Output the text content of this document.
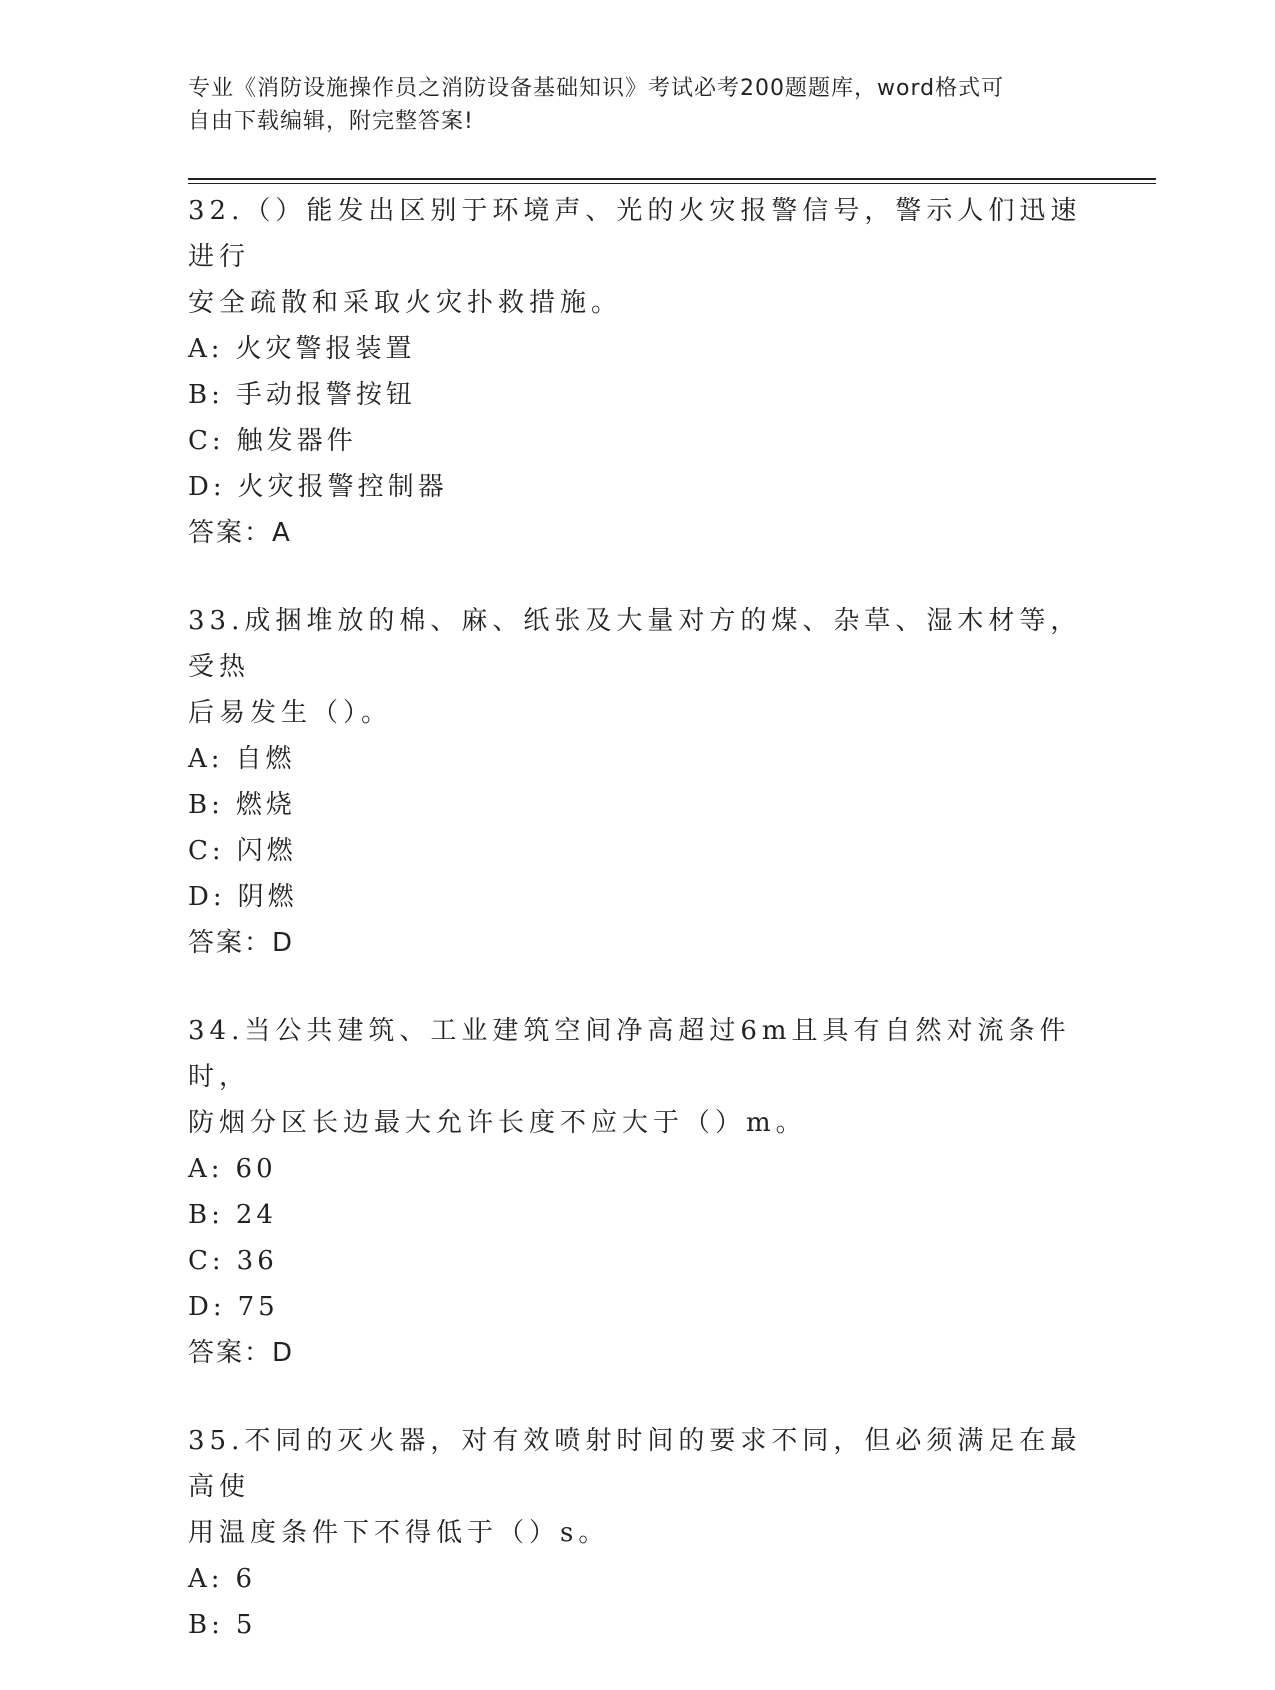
专业《消防设施操作员之消防设备基础知识》考试必考200题题库，word格式可
自由下载编辑，附完整答案!

32.（）能发出区别于环境声、光的火灾报警信号，警示人们迅速进行

安全疏散和采取火灾扑救措施。

A: 火灾警报装置

B: 手动报警按钮

C: 触发器件

D: 火灾报警控制器

答案：A

33.成捆堆放的棉、麻、纸张及大量对方的煤、杂草、湿木材等，受热

后易发生（）。

A: 自燃

B: 燃烧

C: 闪燃

D: 阴燃

答案：D

34.当公共建筑、工业建筑空间净高超过6m且具有自然对流条件时，

防烟分区长边最大允许长度不应大于（）m。

A: 60

B: 24

C: 36

D: 75

答案：D

35.不同的灭火器，对有效喷射时间的要求不同，但必须满足在最高使

用温度条件下不得低于（）s。

A: 6

B: 5
